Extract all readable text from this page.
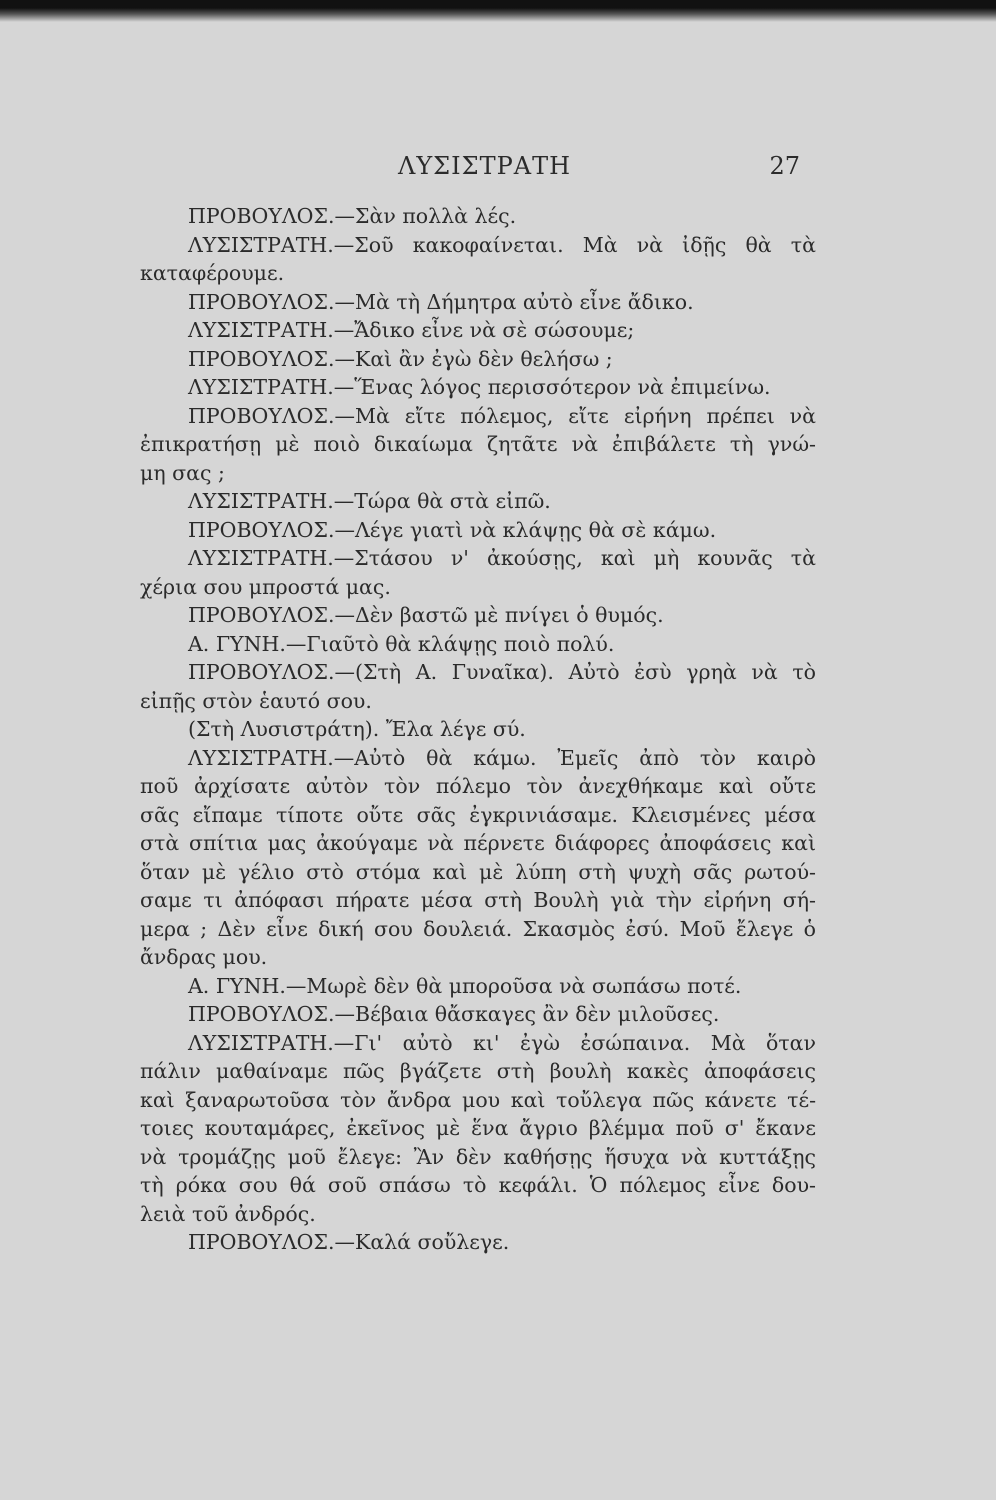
ΛΥΣΙΣΤΡΑΤΗ	27
ΠΡΟΒΟΥΛΟΣ.—Σὰν πολλὰ λές.
ΛΥΣΙΣΤΡΑΤΗ.—Σοῦ κακοφαίνεται. Μὰ νὰ ἰδῇς θὰ τὰ
καταφέρουμε.
ΠΡΟΒΟΥΛΟΣ.—Μὰ τὴ Δήμητρα αὐτὸ εἶνε ἄδικο.
ΛΥΣΙΣΤΡΑΤΗ.—Ἄδικο εἶνε νὰ σὲ σώσουμε;
ΠΡΟΒΟΥΛΟΣ.—Καὶ ἂν ἐγὼ δὲν θελήσω ;
ΛΥΣΙΣΤΡΑΤΗ.—Ἕνας λόγος περισσότερον νὰ ἐπιμείνω.
ΠΡΟΒΟΥΛΟΣ.—Μὰ εἴτε πόλεμος, εἴτε εἰρήνη πρέπει νὰ
ἐπικρατήσῃ μὲ ποιὸ δικαίωμα ζητᾶτε νὰ ἐπιβάλετε τὴ γνώ-
μη σας ;
ΛΥΣΙΣΤΡΑΤΗ.—Τώρα θὰ στὰ εἰπῶ.
ΠΡΟΒΟΥΛΟΣ.—Λέγε γιατὶ νὰ κλάψῃς θὰ σὲ κάμω.
ΛΥΣΙΣΤΡΑΤΗ.—Στάσου ν' ἀκούσῃς, καὶ μὴ κουνᾶς τὰ
χέρια σου μπροστά μας.
ΠΡΟΒΟΥΛΟΣ.—Δὲν βαστῶ μὲ πνίγει ὁ θυμός.
Α. ΓΥΝΗ.—Γιαῦτὸ θὰ κλάψῃς ποιὸ πολύ.
ΠΡΟΒΟΥΛΟΣ.—(Στὴ Α. Γυναῖκα). Αὐτὸ ἐσὺ γρηὰ νὰ τὸ
εἰπῇς στὸν ἑαυτό σου.
(Στὴ Λυσιστράτη). Ἔλα λέγε σύ.
ΛΥΣΙΣΤΡΑΤΗ.—Αὐτὸ θὰ κάμω. Ἐμεῖς ἀπὸ τὸν καιρὸ
ποῦ ἀρχίσατε αὐτὸν τὸν πόλεμο τὸν ἀνεχθήκαμε καὶ οὔτε
σᾶς εἴπαμε τίποτε οὔτε σᾶς ἐγκρινιάσαμε. Κλεισμένες μέσα
στὰ σπίτια μας ἀκούγαμε νὰ πέρνετε διάφορες ἀποφάσεις καὶ
ὅταν μὲ γέλιο στὸ στόμα καὶ μὲ λύπη στὴ ψυχὴ σᾶς ρωτού-
σαμε τι ἀπόφασι πήρατε μέσα στὴ Βουλὴ γιὰ τὴν εἰρήνη σή-
μερα ; Δὲν εἶνε δική σου δουλειά. Σκασμὸς ἐσύ. Μοῦ ἔλεγε ὁ
ἄνδρας μου.
Α. ΓΥΝΗ.—Μωρὲ δὲν θὰ μποροῦσα νὰ σωπάσω ποτέ.
ΠΡΟΒΟΥΛΟΣ.—Βέβαια θἄσκαγες ἂν δὲν μιλοῦσες.
ΛΥΣΙΣΤΡΑΤΗ.—Γι' αὐτὸ κι' ἐγὼ ἐσώπαινα. Μὰ ὅταν
πάλιν μαθαίναμε πῶς βγάζετε στὴ βουλὴ κακὲς ἀποφάσεις
καὶ ξαναρωτοῦσα τὸν ἄνδρα μου καὶ τοὔλεγα πῶς κάνετε τέ-
τοιες κουταμάρες, ἐκεῖνος μὲ ἕνα ἄγριο βλέμμα ποῦ σ' ἔκανε
νὰ τρομάζῃς μοῦ ἔλεγε: Ἂν δὲν καθήσῃς ἥσυχα νὰ κυττάξῃς
τὴ ρόκα σου θά σοῦ σπάσω τὸ κεφάλι. Ὁ πόλεμος εἶνε δου-
λειὰ τοῦ ἀνδρός.
ΠΡΟΒΟΥΛΟΣ.—Καλά σοὔλεγε.
